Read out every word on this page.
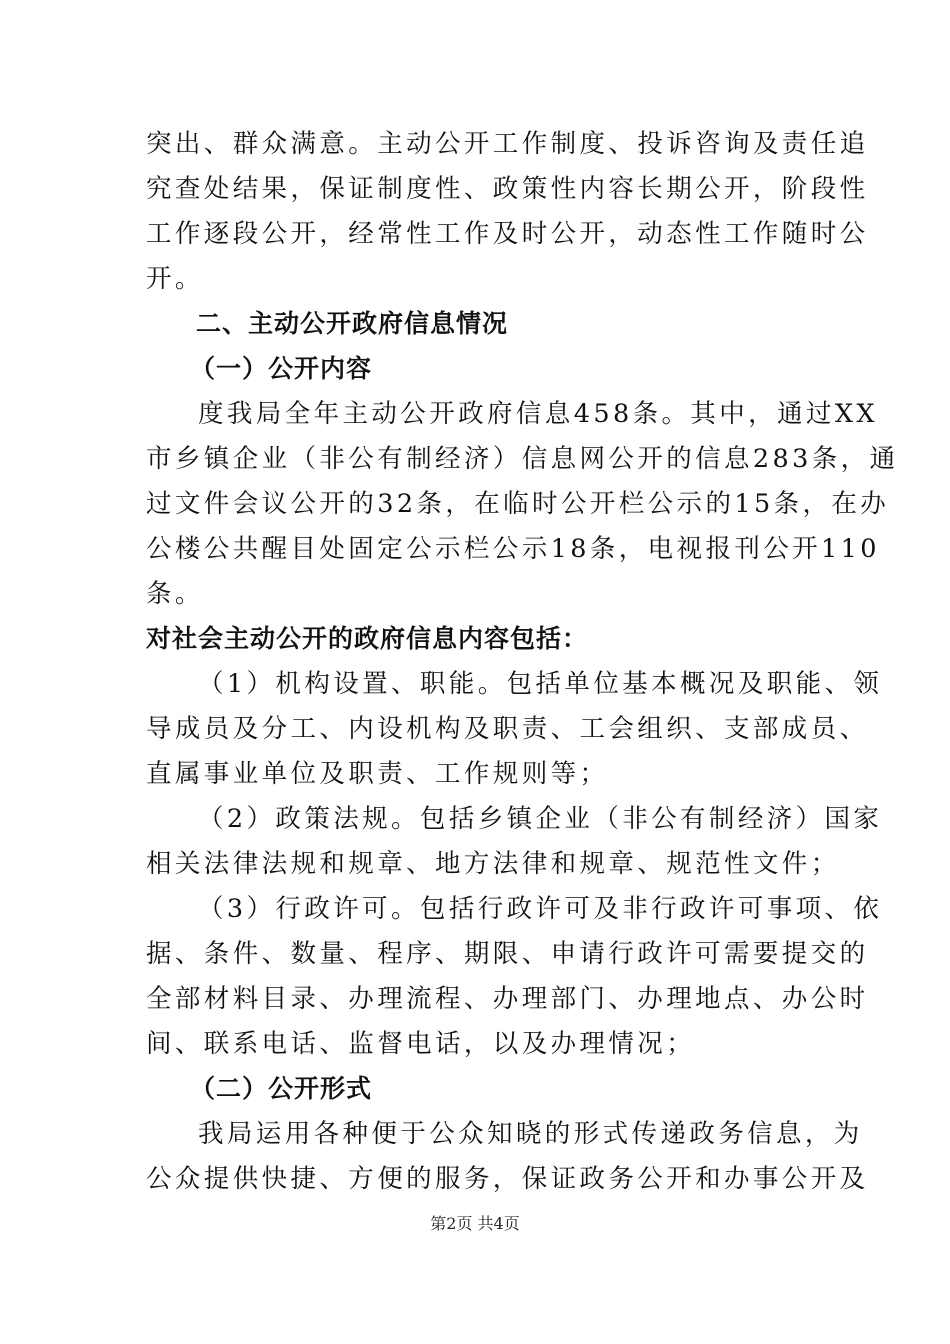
突出、群众满意。主动公开工作制度、投诉咨询及责任追
究查处结果，保证制度性、政策性内容长期公开，阶段性
工作逐段公开，经常性工作及时公开，动态性工作随时公
开。
二、主动公开政府信息情况
（一）公开内容
度我局全年主动公开政府信息458条。其中，通过XX
市乡镇企业（非公有制经济）信息网公开的信息283条，通
过文件会议公开的32条，在临时公开栏公示的15条，在办
公楼公共醒目处固定公示栏公示18条，电视报刊公开110
条。
对社会主动公开的政府信息内容包括：
（1）机构设置、职能。包括单位基本概况及职能、领
导成员及分工、内设机构及职责、工会组织、支部成员、
直属事业单位及职责、工作规则等；
（2）政策法规。包括乡镇企业（非公有制经济）国家
相关法律法规和规章、地方法律和规章、规范性文件；
（3）行政许可。包括行政许可及非行政许可事项、依
据、条件、数量、程序、期限、申请行政许可需要提交的
全部材料目录、办理流程、办理部门、办理地点、办公时
间、联系电话、监督电话，以及办理情况；
（二）公开形式
我局运用各种便于公众知晓的形式传递政务信息，为
公众提供快捷、方便的服务，保证政务公开和办事公开及
第2页 共4页
